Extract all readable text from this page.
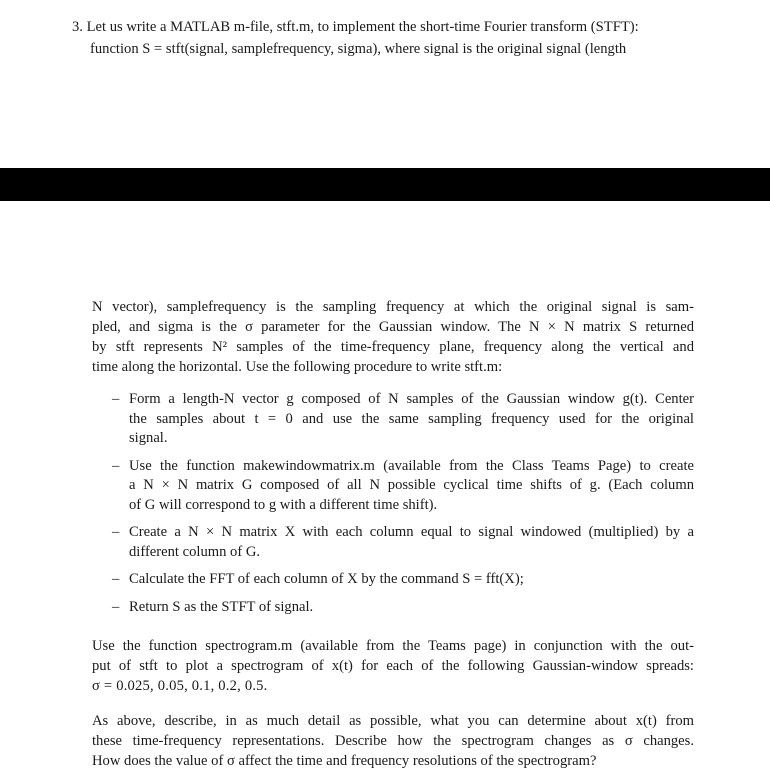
3. Let us write a MATLAB m-file, stft.m, to implement the short-time Fourier transform (STFT):
function S = stft(signal, samplefrequency, sigma), where signal is the original signal (length
N vector), samplefrequency is the sampling frequency at which the original signal is sam-
pled, and sigma is the σ parameter for the Gaussian window. The N × N matrix S returned
by stft represents N² samples of the time-frequency plane, frequency along the vertical and
time along the horizontal. Use the following procedure to write stft.m:
– Form a length-N vector g composed of N samples of the Gaussian window g(t). Center
the samples about t = 0 and use the same sampling frequency used for the original
signal.
– Use the function makewindowmatrix.m (available from the Class Teams Page) to create
a N × N matrix G composed of all N possible cyclical time shifts of g. (Each column
of G will correspond to g with a different time shift).
– Create a N × N matrix X with each column equal to signal windowed (multiplied) by a
different column of G.
– Calculate the FFT of each column of X by the command S = fft(X);
– Return S as the STFT of signal.
Use the function spectrogram.m (available from the Teams page) in conjunction with the out-
put of stft to plot a spectrogram of x(t) for each of the following Gaussian-window spreads:
σ = 0.025, 0.05, 0.1, 0.2, 0.5.
As above, describe, in as much detail as possible, what you can determine about x(t) from
these time-frequency representations. Describe how the spectrogram changes as σ changes.
How does the value of σ affect the time and frequency resolutions of the spectrogram?
